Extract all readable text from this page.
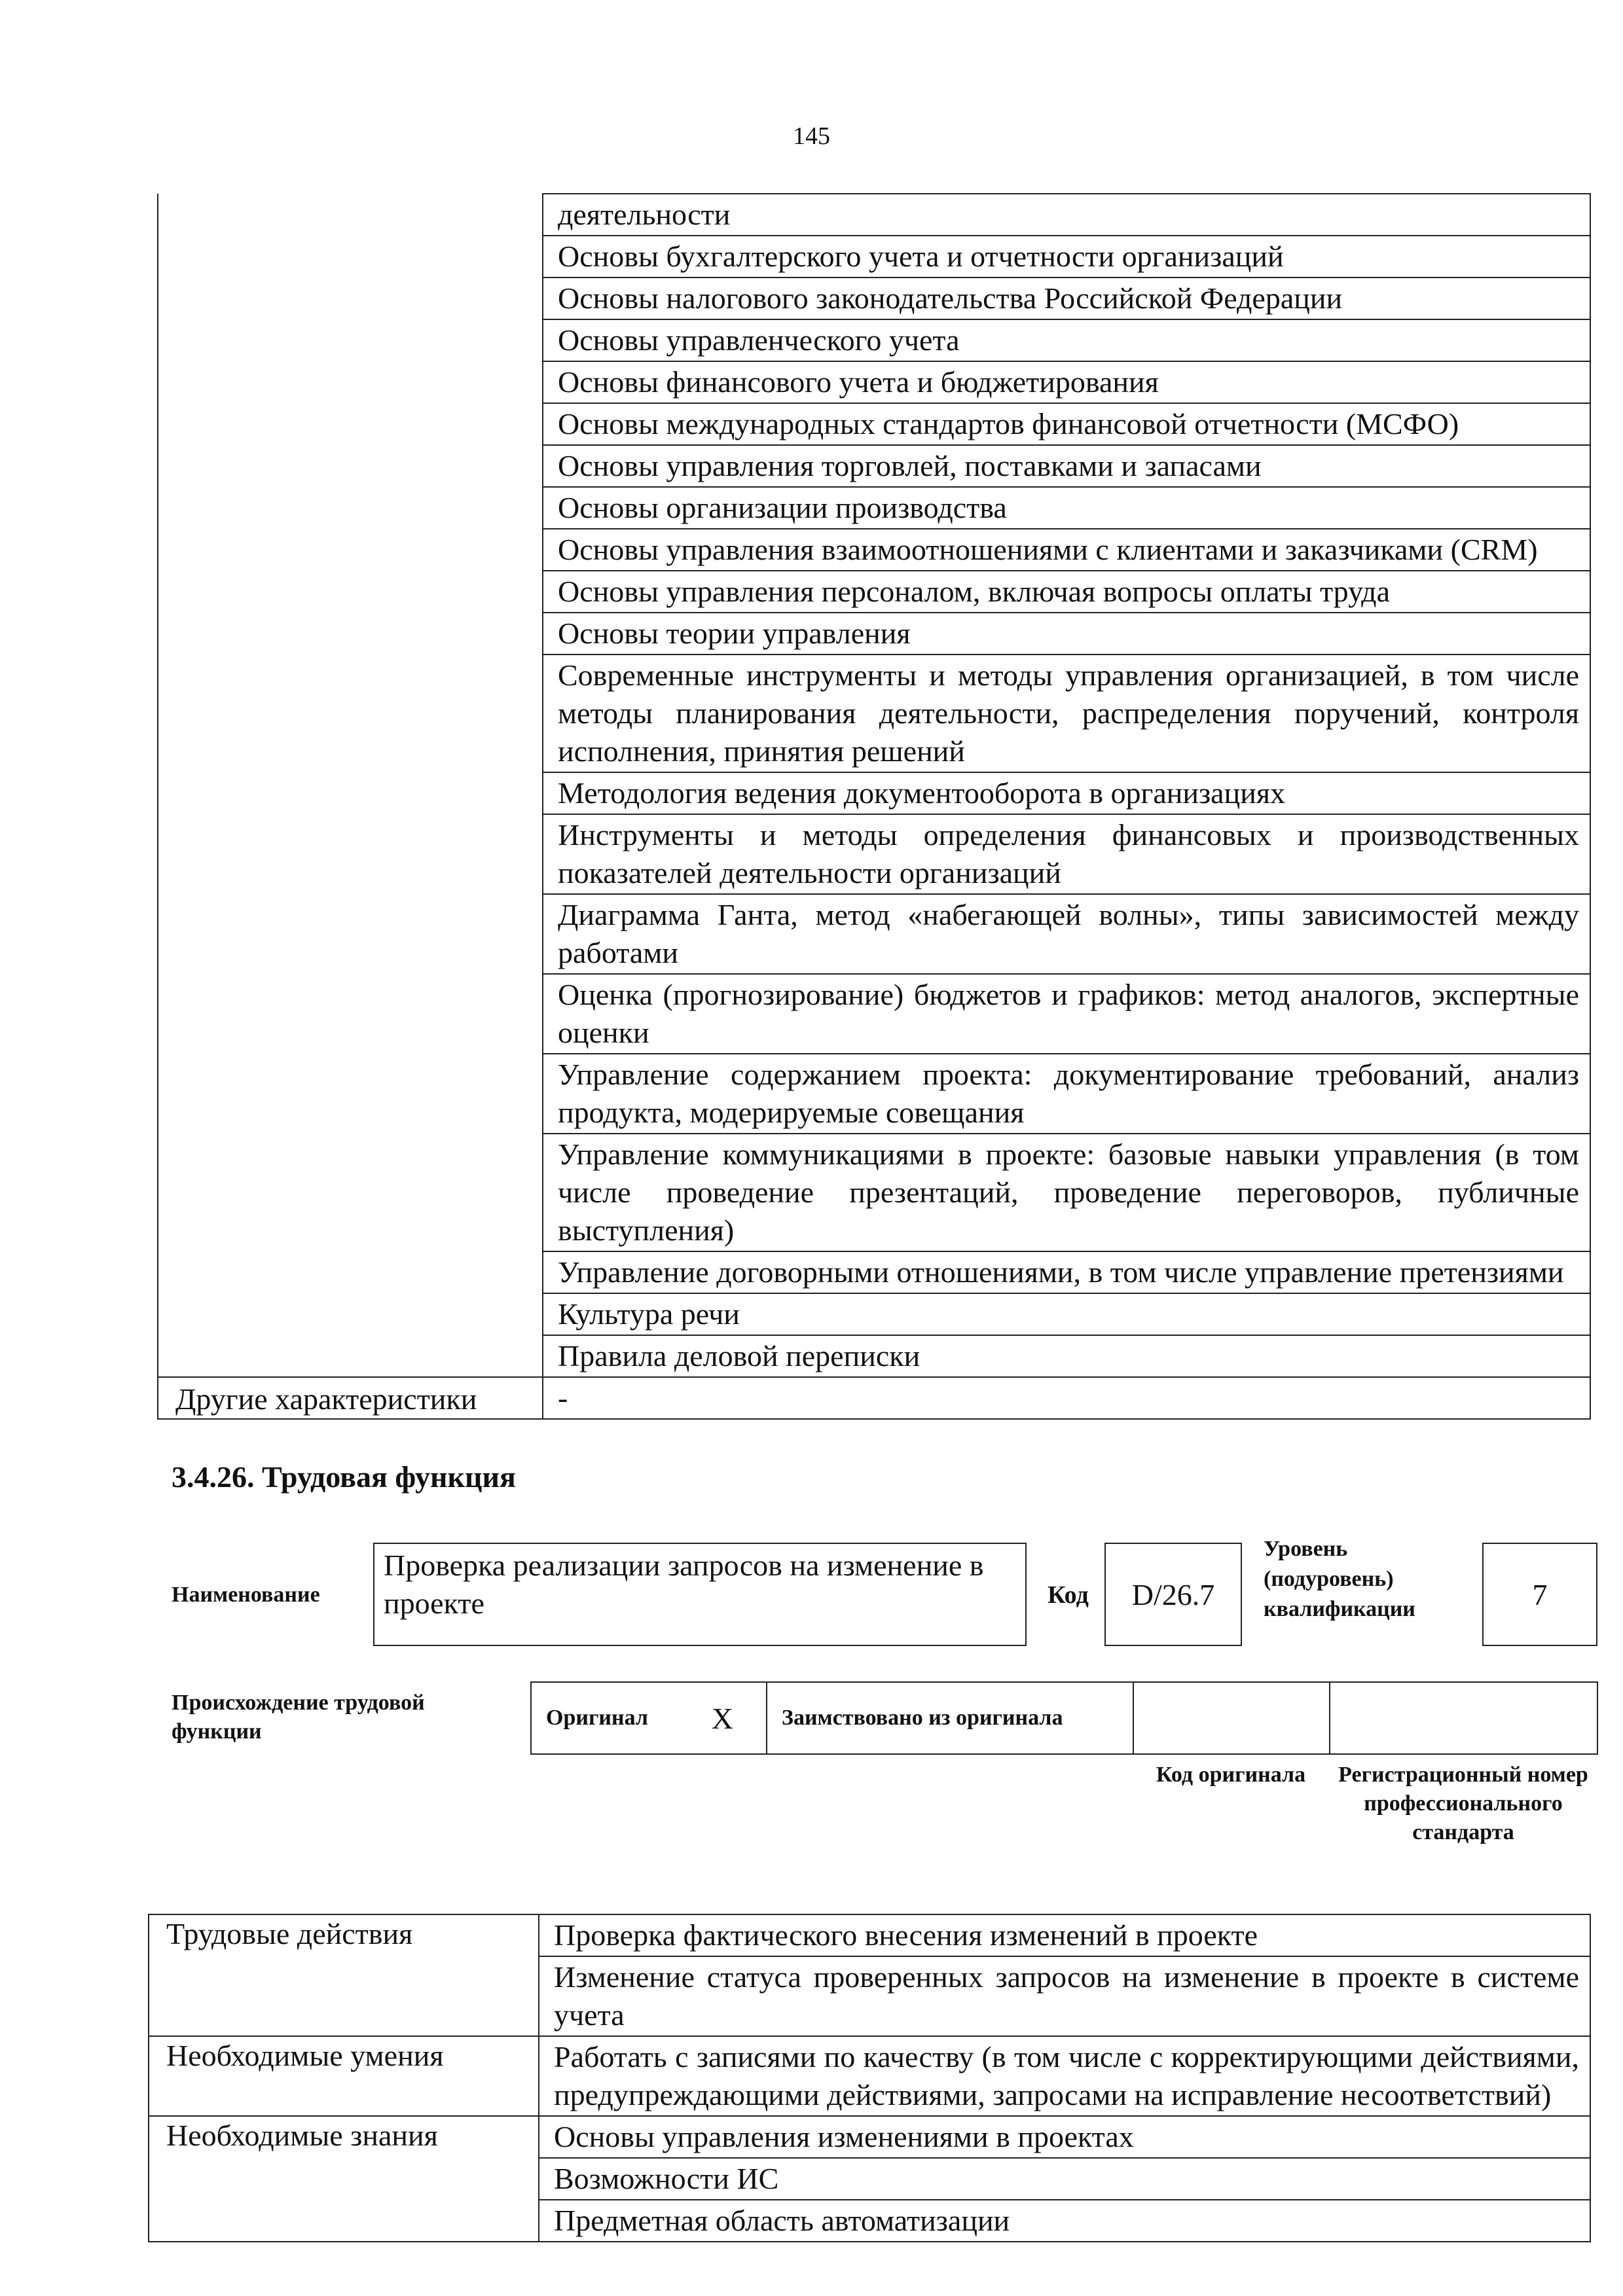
145
	деятельности
	Основы бухгалтерского учета и отчетности организаций
	Основы налогового законодательства Российской Федерации
	Основы управленческого учета
	Основы финансового учета и бюджетирования
	Основы международных стандартов финансовой отчетности (МСФО)
	Основы управления торговлей, поставками и запасами
	Основы организации производства
	Основы управления взаимоотношениями с клиентами и заказчиками (CRM)
	Основы управления персоналом, включая вопросы оплаты труда
	Основы теории управления
	Современные инструменты и методы управления организацией, в том числе методы планирования деятельности, распределения поручений, контроля исполнения, принятия решений
	Методология ведения документооборота в организациях
	Инструменты и методы определения финансовых и производственных показателей деятельности организаций
	Диаграмма Ганта, метод «набегающей волны», типы зависимостей между работами
	Оценка (прогнозирование) бюджетов и графиков: метод аналогов, экспертные оценки
	Управление содержанием проекта: документирование требований, анализ продукта, модерируемые совещания
	Управление коммуникациями в проекте: базовые навыки управления (в том числе проведение презентаций, проведение переговоров, публичные выступления)
	Управление договорными отношениями, в том числе управление претензиями
	Культура речи
	Правила деловой переписки
Другие характеристики	-
3.4.26. Трудовая функция
Наименование
Проверка реализации запросов на изменение в проекте	Код	D/26.7
Уровень
(подуровень)
квалификации	7
Происхождение трудовой функции
Оригинал X	Заимствовано из оригинала
Код оригинала	Регистрационный номер профессионального стандарта
Трудовые действия	Проверка фактического внесения изменений в проекте
	Изменение статуса проверенных запросов на изменение в проекте в системе учета
Необходимые умения	Работать с записями по качеству (в том числе с корректирующими действиями, предупреждающими действиями, запросами на исправление несоответствий)
Необходимые знания	Основы управления изменениями в проектах
	Возможности ИС
	Предметная область автоматизации
